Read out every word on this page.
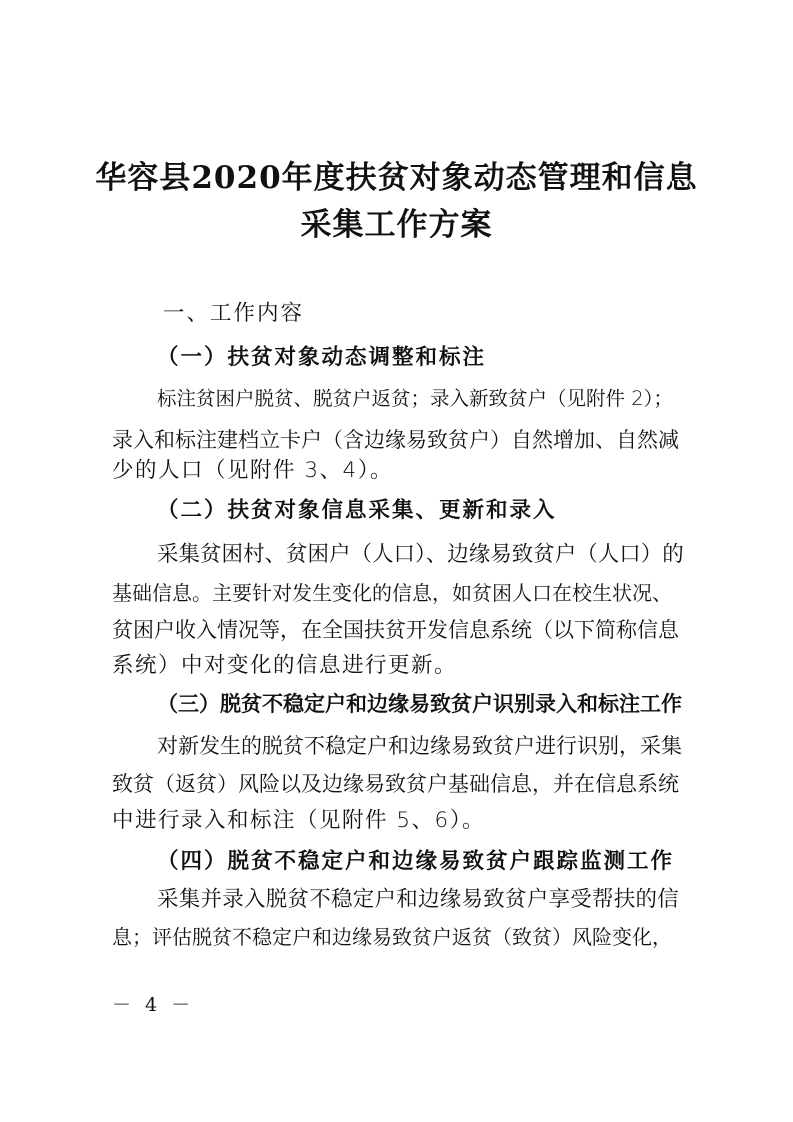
华容县2020年度扶贫对象动态管理和信息
采集工作方案
一、工作内容
（一）扶贫对象动态调整和标注
标注贫困户脱贫、脱贫户返贫；录入新致贫户（见附件 2）；
录入和标注建档立卡户（含边缘易致贫户）自然增加、自然减
少的人口（见附件 3、4）。
（二）扶贫对象信息采集、更新和录入
采集贫困村、贫困户（人口）、边缘易致贫户（人口）的
基础信息。主要针对发生变化的信息，如贫困人口在校生状况、
贫困户收入情况等，在全国扶贫开发信息系统（以下简称信息
系统）中对变化的信息进行更新。
（三）脱贫不稳定户和边缘易致贫户识别录入和标注工作
对新发生的脱贫不稳定户和边缘易致贫户进行识别，采集
致贫（返贫）风险以及边缘易致贫户基础信息，并在信息系统
中进行录入和标注（见附件 5、6）。
（四）脱贫不稳定户和边缘易致贫户跟踪监测工作
采集并录入脱贫不稳定户和边缘易致贫户享受帮扶的信
息；评估脱贫不稳定户和边缘易致贫户返贫（致贫）风险变化，
－ 4 －
